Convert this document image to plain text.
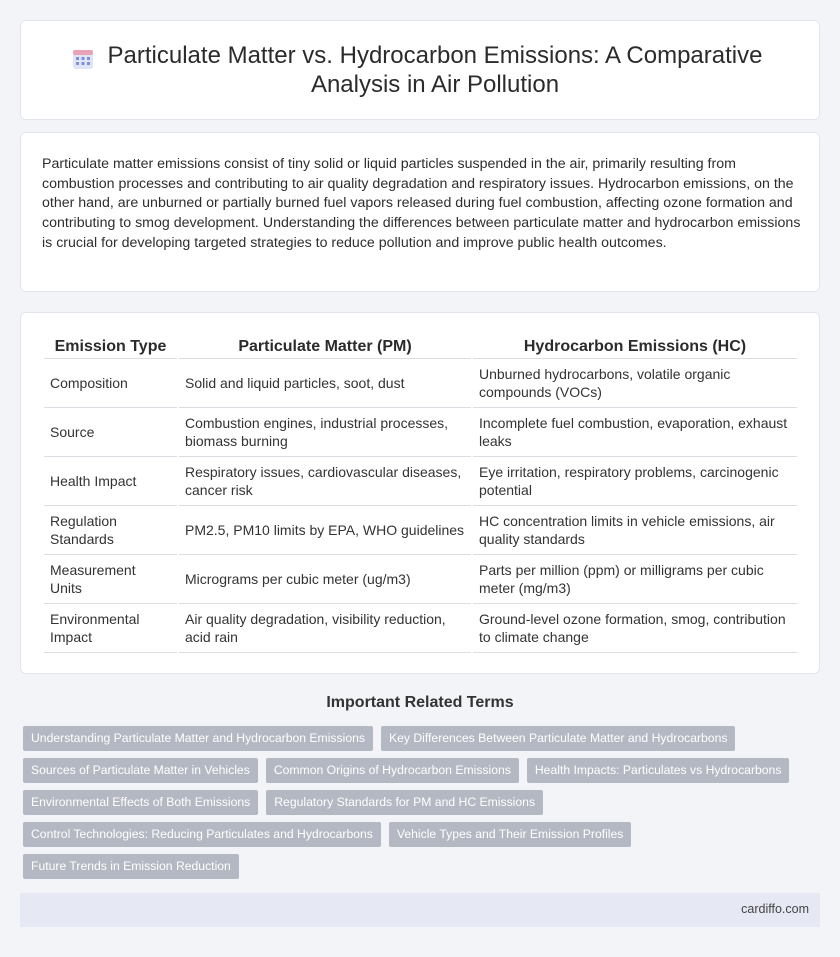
Particulate Matter vs. Hydrocarbon Emissions: A Comparative Analysis in Air Pollution

Particulate matter emissions consist of tiny solid or liquid particles suspended in the air, primarily resulting from combustion processes and contributing to air quality degradation and respiratory issues. Hydrocarbon emissions, on the other hand, are unburned or partially burned fuel vapors released during fuel combustion, affecting ozone formation and contributing to smog development. Understanding the differences between particulate matter and hydrocarbon emissions is crucial for developing targeted strategies to reduce pollution and improve public health outcomes.

Emission Type	Particulate Matter (PM)	Hydrocarbon Emissions (HC)
Composition	Solid and liquid particles, soot, dust	Unburned hydrocarbons, volatile organic compounds (VOCs)
Source	Combustion engines, industrial processes, biomass burning	Incomplete fuel combustion, evaporation, exhaust leaks
Health Impact	Respiratory issues, cardiovascular diseases, cancer risk	Eye irritation, respiratory problems, carcinogenic potential
Regulation Standards	PM2.5, PM10 limits by EPA, WHO guidelines	HC concentration limits in vehicle emissions, air quality standards
Measurement Units	Micrograms per cubic meter (ug/m3)	Parts per million (ppm) or milligrams per cubic meter (mg/m3)
Environmental Impact	Air quality degradation, visibility reduction, acid rain	Ground-level ozone formation, smog, contribution to climate change
Important Related Terms
Understanding Particulate Matter and Hydrocarbon Emissions	Key Differences Between Particulate Matter and Hydrocarbons
Sources of Particulate Matter in Vehicles	Common Origins of Hydrocarbon Emissions	Health Impacts: Particulates vs Hydrocarbons
Environmental Effects of Both Emissions	Regulatory Standards for PM and HC Emissions
Control Technologies: Reducing Particulates and Hydrocarbons	Vehicle Types and Their Emission Profiles
Future Trends in Emission Reduction
cardiffo.com
